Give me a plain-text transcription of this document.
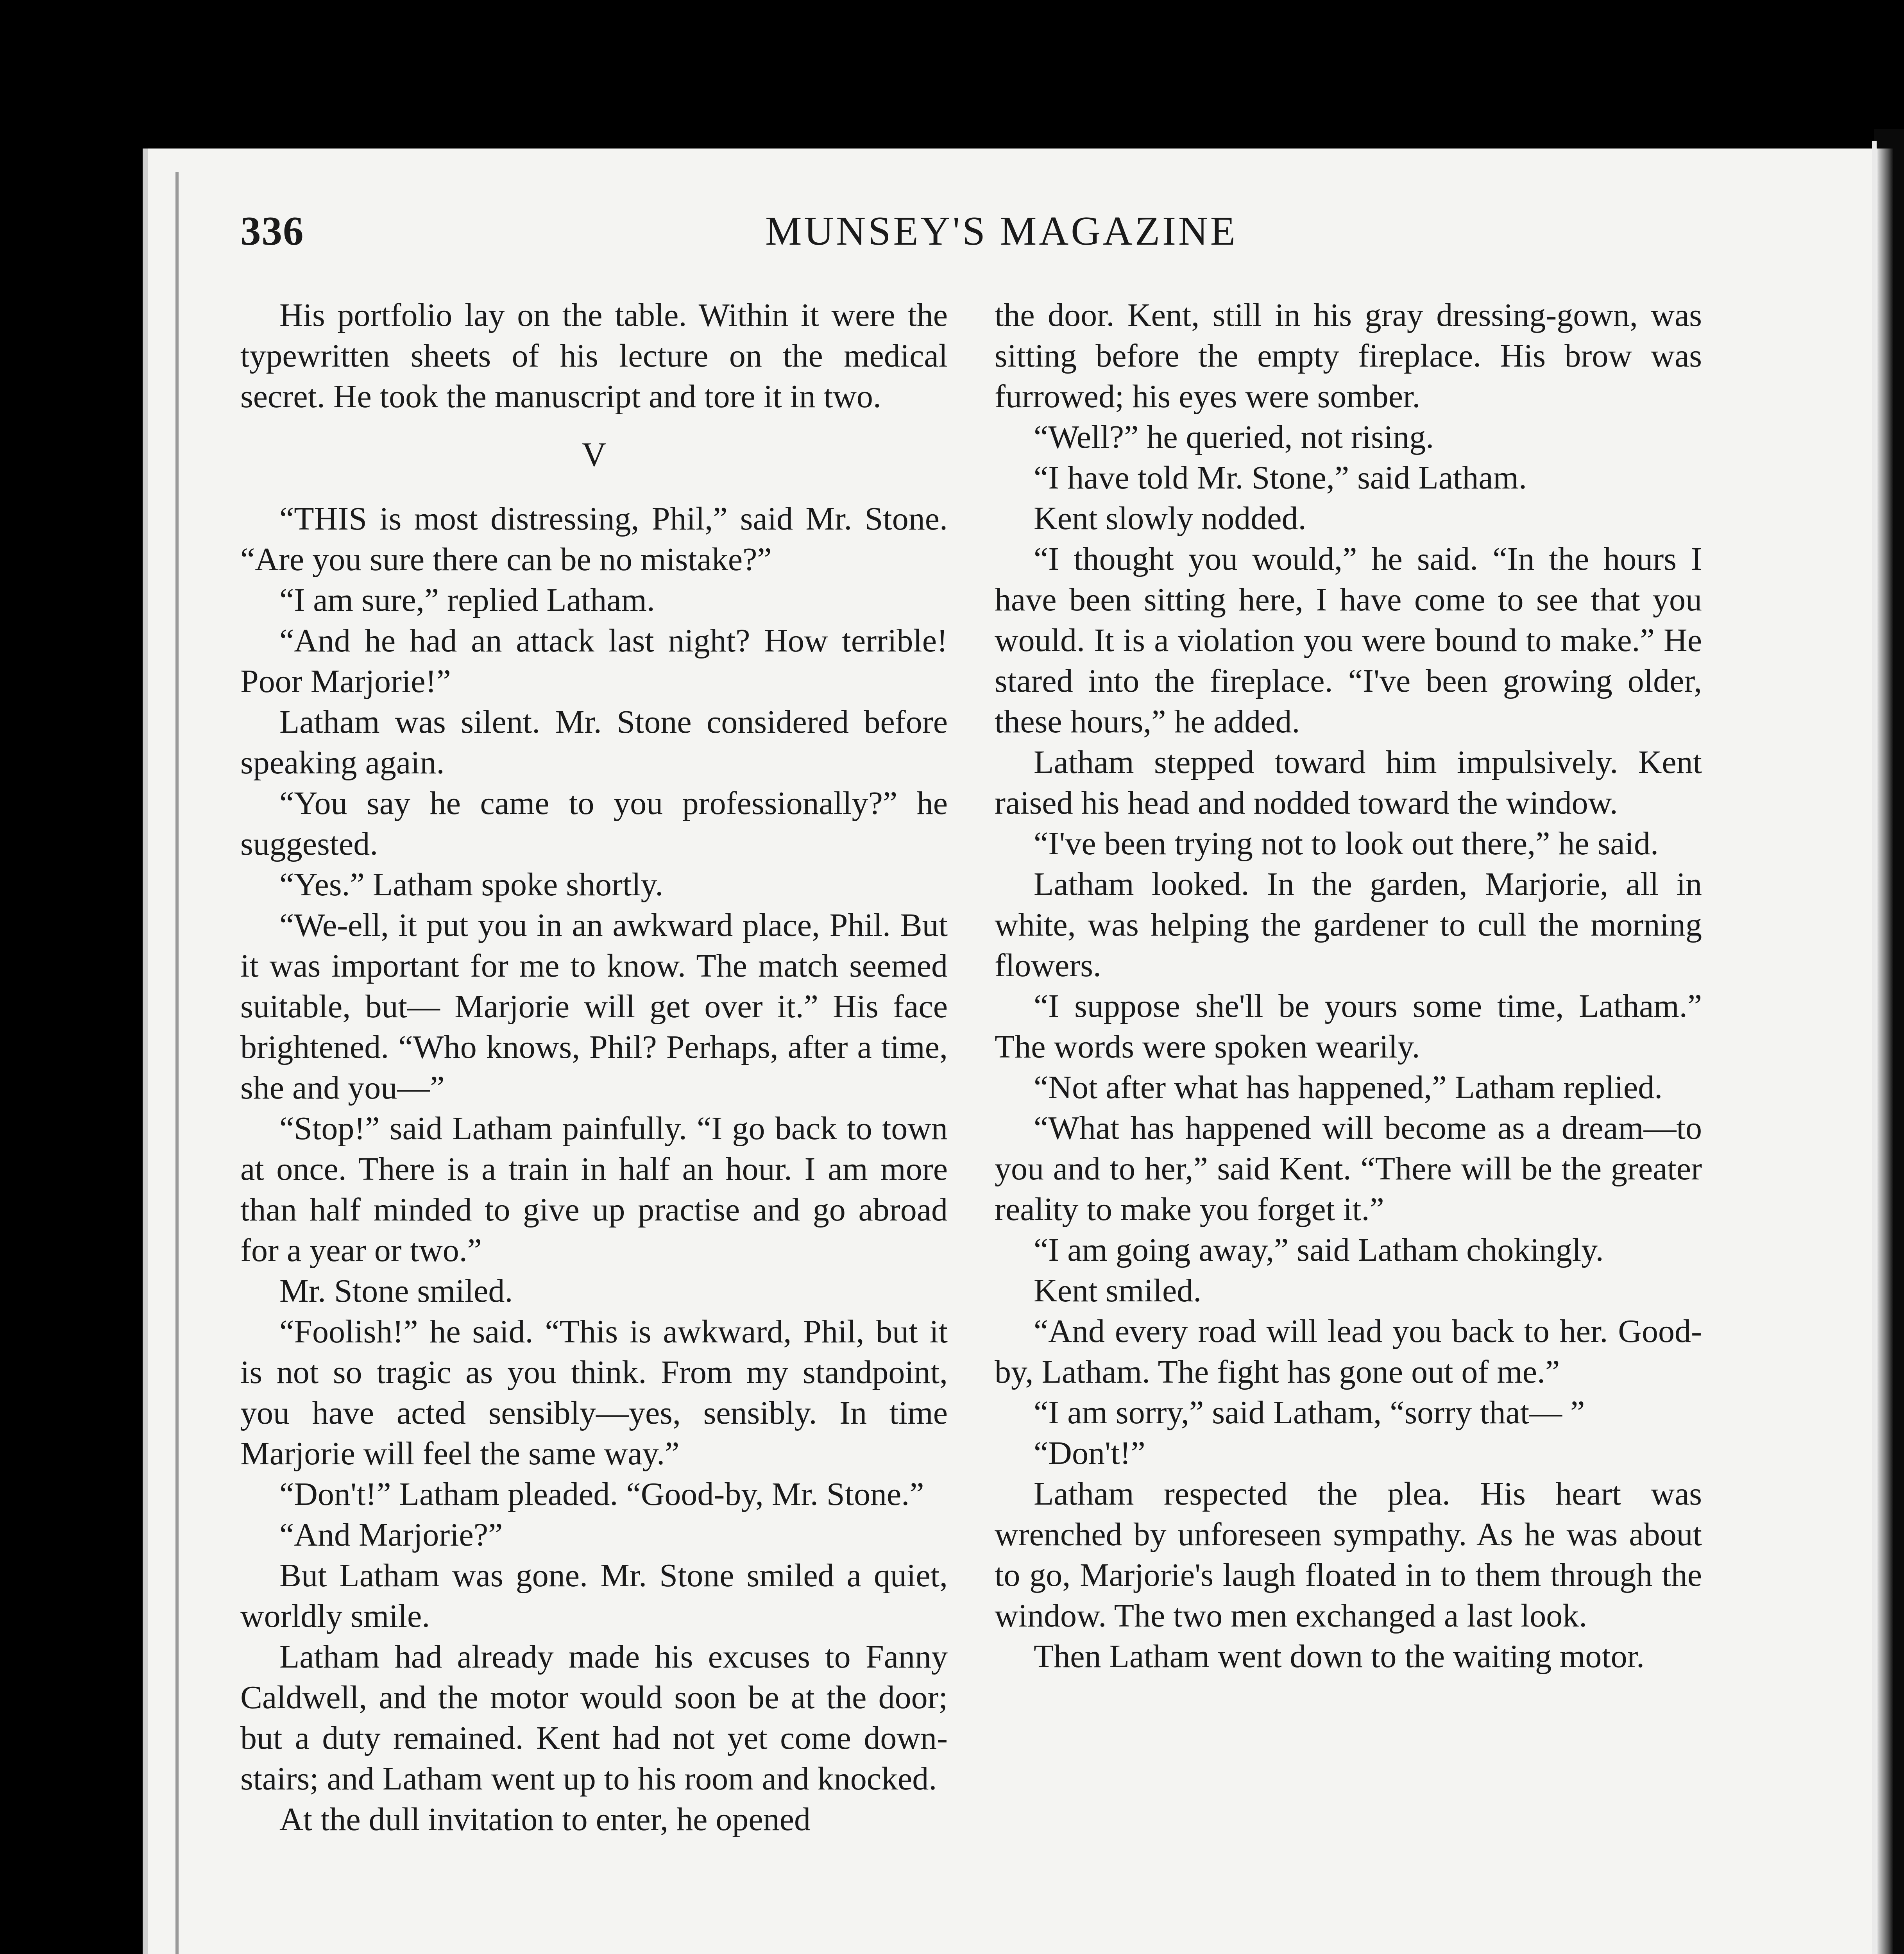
336	MUNSEY'S MAGAZINE

His portfolio lay on the table. Within it were the typewritten sheets of his lecture on the medical secret. He took the manuscript and tore it in two.

V

“THIS is most distressing, Phil,” said Mr. Stone. “Are you sure there can be no mistake?”

“I am sure,” replied Latham.

“And he had an attack last night? How terrible! Poor Marjorie!”

Latham was silent. Mr. Stone considered before speaking again.

“You say he came to you professionally?” he suggested.

“Yes.” Latham spoke shortly.

“We-ell, it put you in an awkward place, Phil. But it was important for me to know. The match seemed suitable, but— Marjorie will get over it.” His face brightened. “Who knows, Phil? Perhaps, after a time, she and you—”

“Stop!” said Latham painfully. “I go back to town at once. There is a train in half an hour. I am more than half minded to give up practise and go abroad for a year or two.”

Mr. Stone smiled.

“Foolish!” he said. “This is awkward, Phil, but it is not so tragic as you think. From my standpoint, you have acted sensibly—yes, sensibly. In time Marjorie will feel the same way.”

“Don't!” Latham pleaded. “Good-by, Mr. Stone.”

“And Marjorie?”

But Latham was gone. Mr. Stone smiled a quiet, worldly smile.

Latham had already made his excuses to Fanny Caldwell, and the motor would soon be at the door; but a duty remained. Kent had not yet come down-stairs; and Latham went up to his room and knocked.

At the dull invitation to enter, he opened

the door. Kent, still in his gray dressing-gown, was sitting before the empty fireplace. His brow was furrowed; his eyes were somber.

“Well?” he queried, not rising.

“I have told Mr. Stone,” said Latham.

Kent slowly nodded.

“I thought you would,” he said. “In the hours I have been sitting here, I have come to see that you would. It is a violation you were bound to make.” He stared into the fireplace. “I've been growing older, these hours,” he added.

Latham stepped toward him impulsively. Kent raised his head and nodded toward the window.

“I've been trying not to look out there,” he said.

Latham looked. In the garden, Marjorie, all in white, was helping the gardener to cull the morning flowers.

“I suppose she'll be yours some time, Latham.” The words were spoken wearily.

“Not after what has happened,” Latham replied.

“What has happened will become as a dream—to you and to her,” said Kent. “There will be the greater reality to make you forget it.”

“I am going away,” said Latham chokingly.

Kent smiled.

“And every road will lead you back to her. Good-by, Latham. The fight has gone out of me.”

“I am sorry,” said Latham, “sorry that— ”

“Don't!”

Latham respected the plea. His heart was wrenched by unforeseen sympathy. As he was about to go, Marjorie's laugh floated in to them through the window. The two men exchanged a last look.

Then Latham went down to the waiting motor.
